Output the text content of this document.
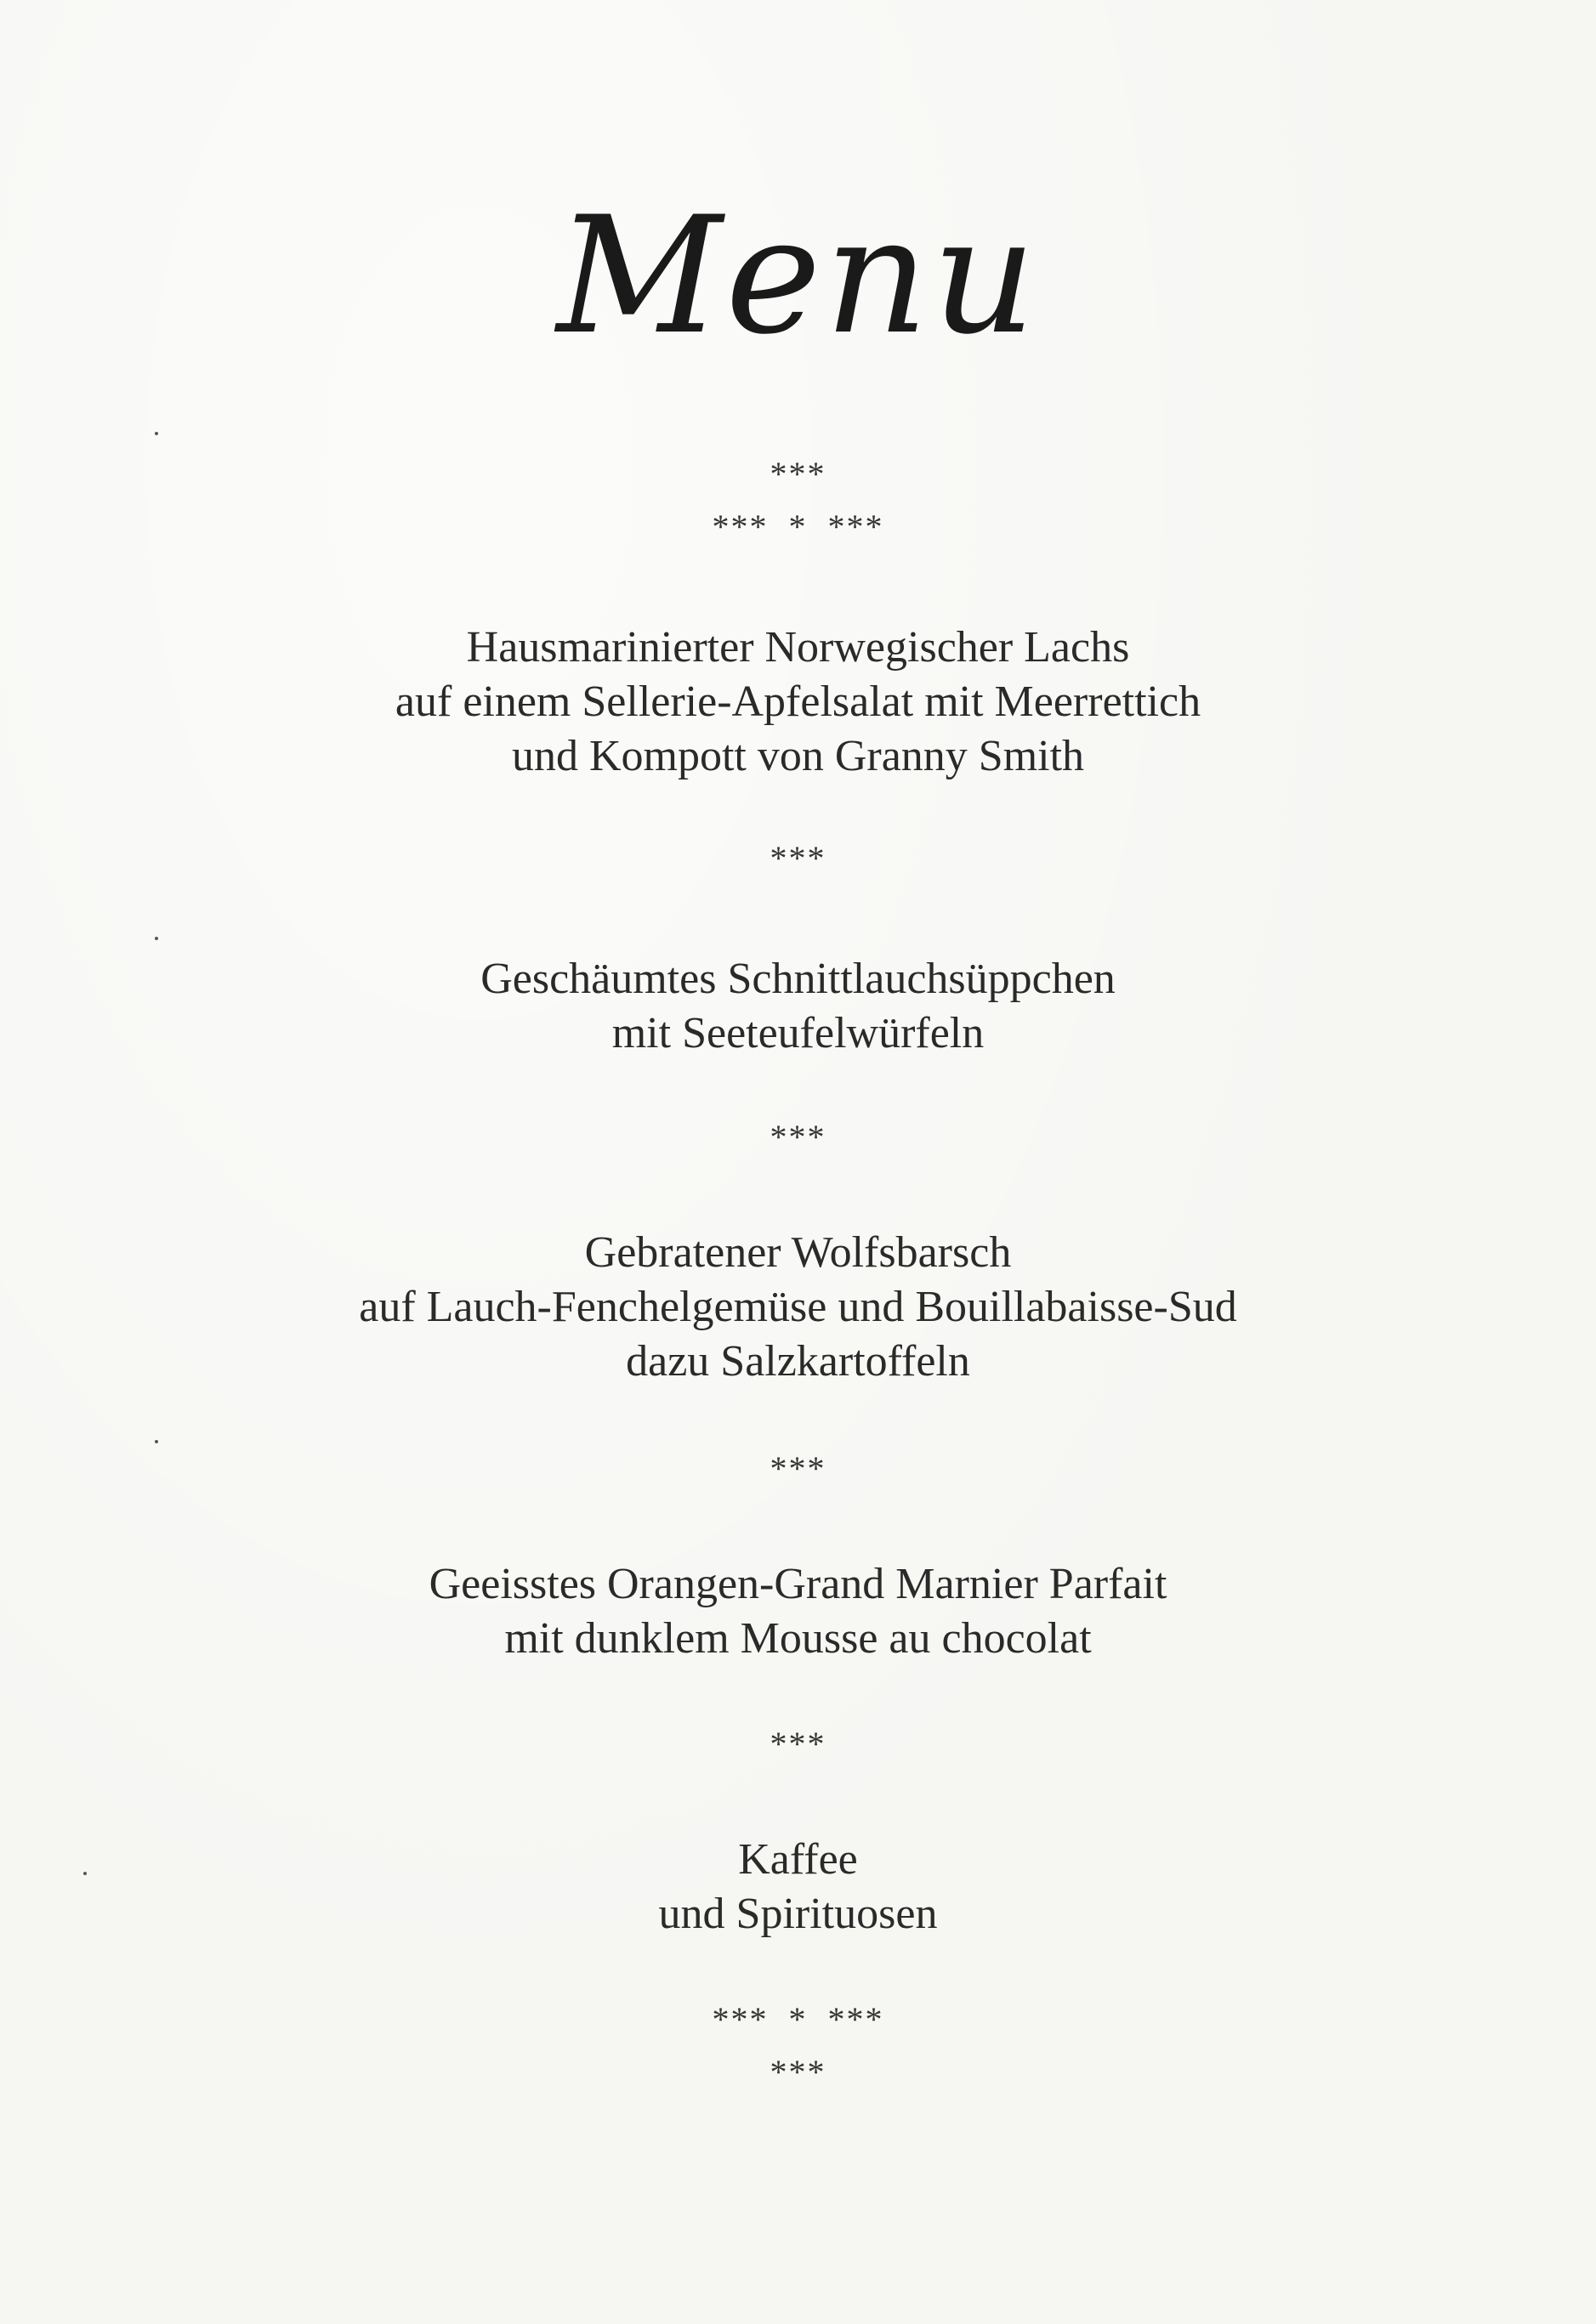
Menu
***
***  *  ***
Hausmarinierter Norwegischer Lachs
auf einem Sellerie-Apfelsalat mit Meerrettich
und Kompott von Granny Smith
***
Geschäumtes Schnittlauchsüppchen
mit Seeteufelwürfeln
***
Gebratener Wolfsbarsch
auf Lauch-Fenchelgemüse und Bouillabaisse-Sud
dazu Salzkartoffeln
***
Geeisstes Orangen-Grand Marnier Parfait
mit dunklem Mousse au chocolat
***
Kaffee
und Spirituosen
***  *  ***
***
